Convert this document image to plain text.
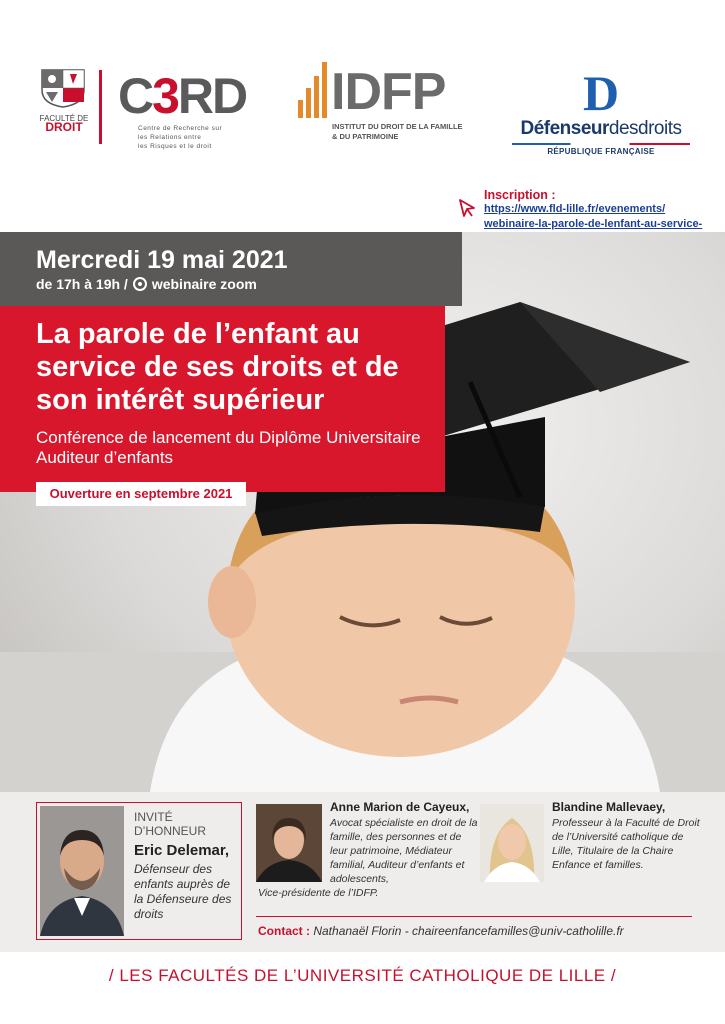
FACULTÉ DE
DROIT
C3RD
Centre de Recherche sur
les Relations entre
les Risques et le droit
IDFP
INSTITUT DU DROIT DE LA FAMILLE
& DU PATRIMOINE
D
Défenseurdesdroits
RÉPUBLIQUE FRANÇAISE
Inscription :
https://www.fld-lille.fr/evenements/
webinaire-la-parole-de-lenfant-au-service-
Mercredi 19 mai 2021
de 17h à 19h / webinaire zoom
La parole de l’enfant au service de ses droits et de son intérêt supérieur
Conférence de lancement du Diplôme Universitaire Auditeur d’enfants
Ouverture en septembre 2021
INVITÉ D’HONNEUR
Eric Delemar,
Défenseur des enfants auprès de la Défenseure des droits
Anne Marion de Cayeux,
Avocat spécialiste en droit de la famille, des personnes et de leur patrimoine, Médiateur familial, Auditeur d’enfants et adolescents,
Vice-présidente de l’IDFP.
Blandine Mallevaey,
Professeur à la Faculté de Droit de l’Université catholique de Lille, Titulaire de la Chaire Enfance et familles.
Contact : Nathanaël Florin - chaireenfancefamilles@univ-catholille.fr
/ LES FACULTÉS DE L’UNIVERSITÉ CATHOLIQUE DE LILLE /
